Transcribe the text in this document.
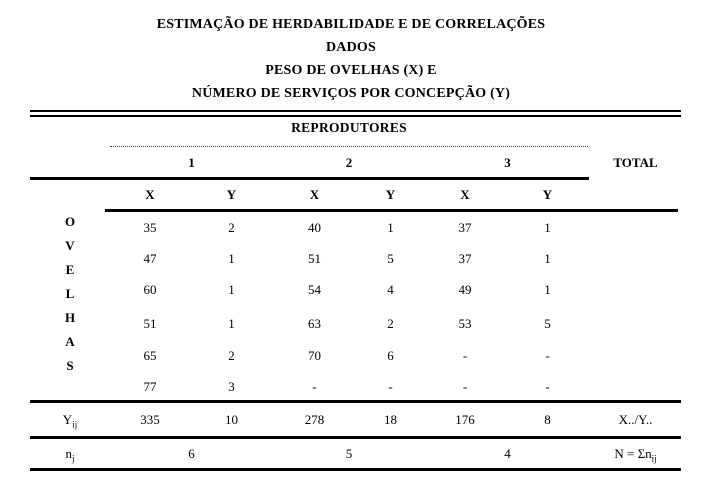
ESTIMAÇÃO DE HERDABILIDADE E DE CORRELAÇÕES
DADOS
PESO DE OVELHAS (X) E
NÚMERO DE SERVIÇOS POR CONCEPÇÃO (Y)
REPRODUTORES
1	2	3	TOTAL
X	Y	X	Y	X	Y
O
V
E
L
H
A
S
35	2	40	1	37	1
47	1	51	5	37	1
60	1	54	4	49	1
51	1	63	2	53	5
65	2	70	6	-	-
77	3	-	-	-	-
$Y_{ij}$	335	10	278	18	176	8	X../Y..
$n_j$	6	5	4	$N = \Sigma n_{ij}$
